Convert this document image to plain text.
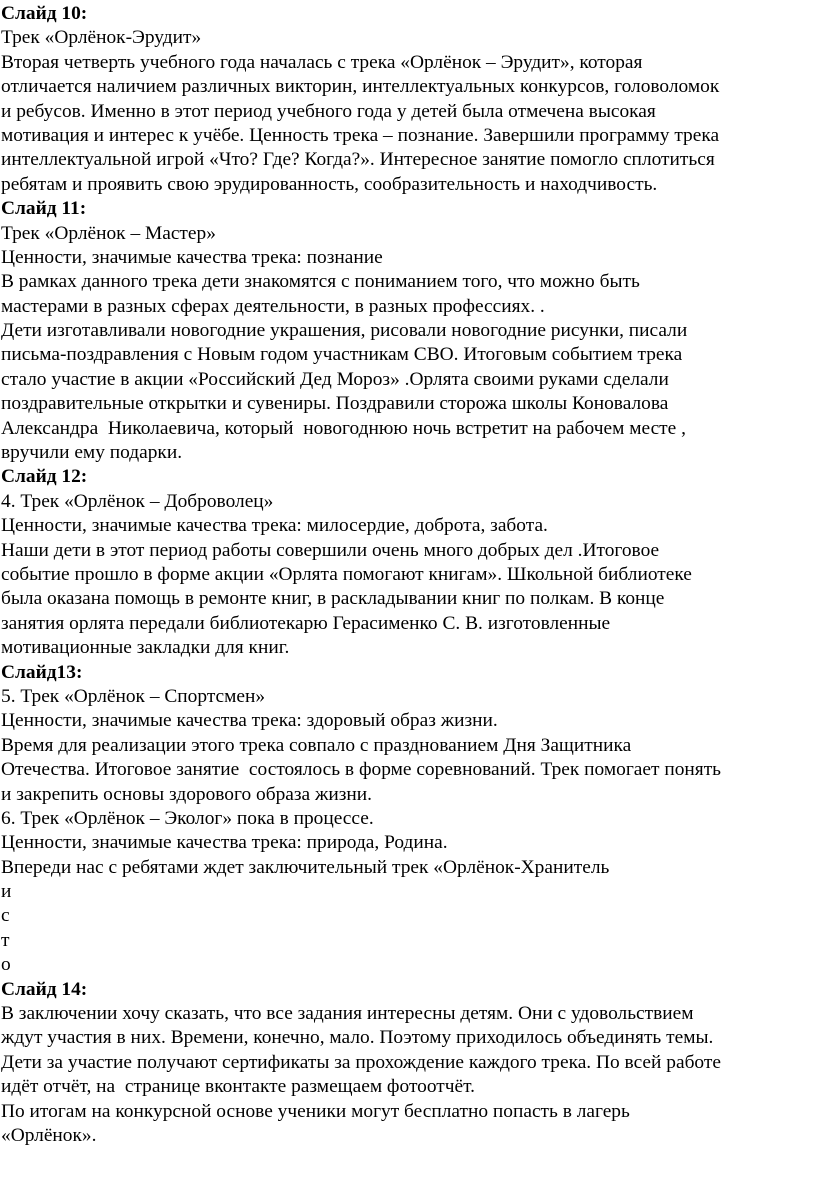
Слайд 10:
Трек «Орлёнок-Эрудит»
Вторая четверть учебного года началась с трека «Орлёнок – Эрудит», которая
отличается наличием различных викторин, интеллектуальных конкурсов, головоломок
и ребусов. Именно в этот период учебного года у детей была отмечена высокая
мотивация и интерес к учёбе. Ценность трека – познание. Завершили программу трека
интеллектуальной игрой «Что? Где? Когда?». Интересное занятие помогло сплотиться
ребятам и проявить свою эрудированность, сообразительность и находчивость.
Слайд 11:
Трек «Орлёнок – Мастер»
Ценности, значимые качества трека: познание
В рамках данного трека дети знакомятся с пониманием того, что можно быть
мастерами в разных сферах деятельности, в разных профессиях. .
Дети изготавливали новогодние украшения, рисовали новогодние рисунки, писали
письма-поздравления с Новым годом участникам СВО. Итоговым событием трека
стало участие в акции «Российский Дед Мороз» .Орлята своими руками сделали
поздравительные открытки и сувениры. Поздравили сторожа школы Коновалова
Александра  Николаевича, который  новогоднюю ночь встретит на рабочем месте ,
вручили ему подарки.
Слайд 12:
4. Трек «Орлёнок – Доброволец»
Ценности, значимые качества трека: милосердие, доброта, забота.
Наши дети в этот период работы совершили очень много добрых дел .Итоговое
событие прошло в форме акции «Орлята помогают книгам». Школьной библиотеке
была оказана помощь в ремонте книг, в раскладывании книг по полкам. В конце
занятия орлята передали библиотекарю Герасименко С. В. изготовленные
мотивационные закладки для книг.
Слайд13:
5. Трек «Орлёнок – Спортсмен»
Ценности, значимые качества трека: здоровый образ жизни.
Время для реализации этого трека совпало с празднованием Дня Защитника
Отечества. Итоговое занятие  состоялось в форме соревнований. Трек помогает понять
и закрепить основы здорового образа жизни.
6. Трек «Орлёнок – Эколог» пока в процессе.
Ценности, значимые качества трека: природа, Родина.
Впереди нас с ребятами ждет заключительный трек «Орлёнок-Хранитель
и
с
т
о
Слайд 14:
В заключении хочу сказать, что все задания интересны детям. Они с удовольствием
ждут участия в них. Времени, конечно, мало. Поэтому приходилось объединять темы.
Дети за участие получают сертификаты за прохождение каждого трека. По всей работе
идёт отчёт, на  странице вконтакте размещаем фотоотчёт.
По итогам на конкурсной основе ученики могут бесплатно попасть в лагерь
«Орлёнок».
